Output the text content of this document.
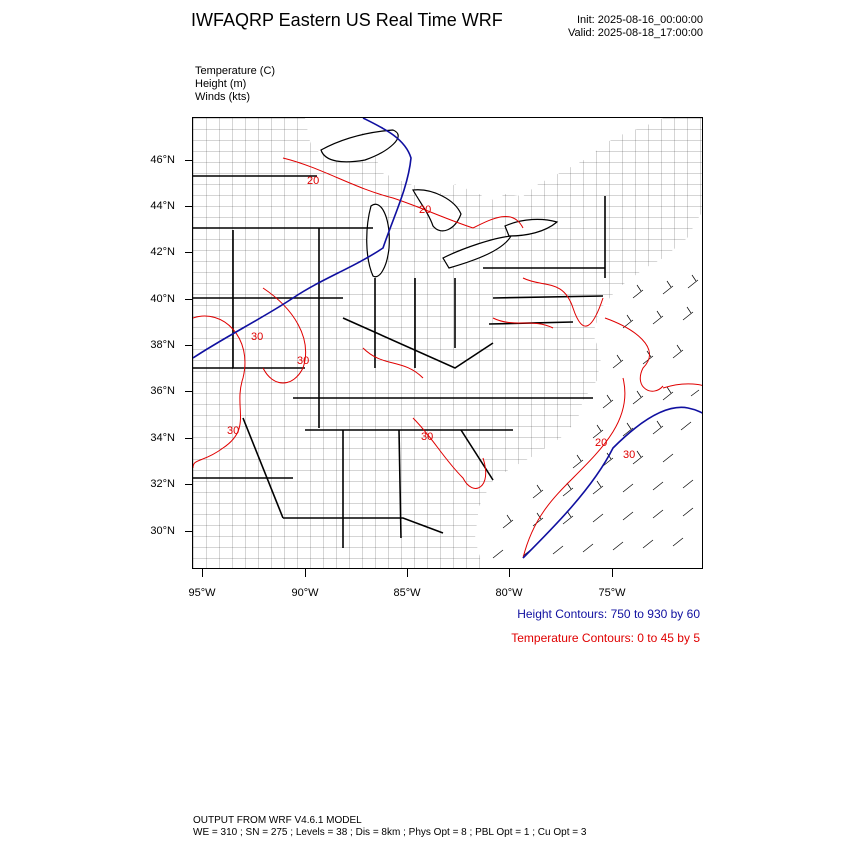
IWFAQRP Eastern US Real Time WRF	Init: 2025-08-16_00:00:00
Valid: 2025-08-18_17:00:00
Temperature (C)
Height (m)
Winds (kts)
46°N
44°N
42°N
40°N
38°N
36°N
34°N
32°N
30°N
95°W	90°W	85°W	80°W	75°W
20
20
30
30
30	30	20
30
Height Contours: 750 to 930 by 60
Temperature Contours: 0 to 45 by 5
OUTPUT FROM WRF V4.6.1 MODEL
WE = 310 ; SN = 275 ; Levels = 38 ; Dis = 8km ; Phys Opt = 8 ; PBL Opt = 1 ; Cu Opt = 3
